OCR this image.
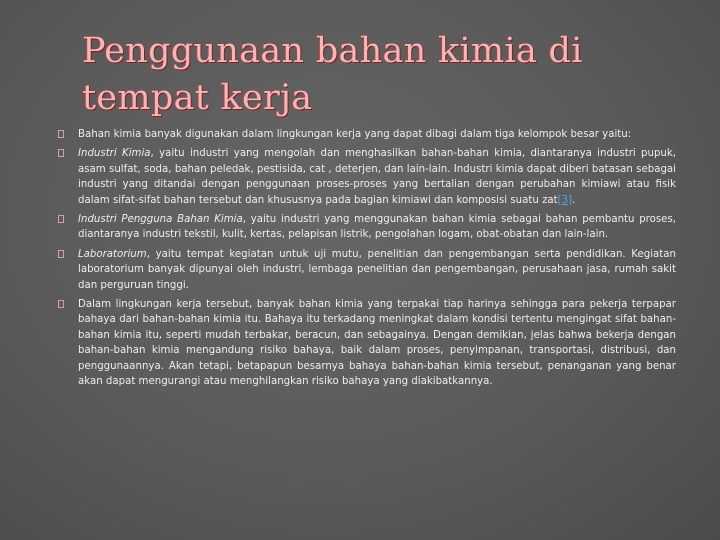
Penggunaan bahan kimia di tempat kerja
Bahan kimia banyak digunakan dalam lingkungan kerja yang dapat dibagi dalam tiga kelompok besar yaitu:
Industri Kimia, yaitu industri yang mengolah dan menghasilkan bahan-bahan kimia, diantaranya industri pupuk, asam sulfat, soda, bahan peledak, pestisida, cat , deterjen, dan lain-lain. Industri kimia dapat diberi batasan sebagai industri yang ditandai dengan penggunaan proses-proses yang bertalian dengan perubahan kimiawi atau fisik dalam sifat-sifat bahan tersebut dan khususnya pada bagian kimiawi dan komposisi suatu zat[3].
Industri Pengguna Bahan Kimia, yaitu industri yang menggunakan bahan kimia sebagai bahan pembantu proses, diantaranya industri tekstil, kulit, kertas, pelapisan listrik, pengolahan logam, obat-obatan dan lain-lain.
Laboratorium, yaitu tempat kegiatan untuk uji mutu, penelitian dan pengembangan serta pendidikan. Kegiatan laboratorium banyak dipunyai oleh industri, lembaga penelitian dan pengembangan, perusahaan jasa, rumah sakit dan perguruan tinggi.
Dalam lingkungan kerja tersebut, banyak bahan kimia yang terpakai tiap harinya sehingga para pekerja terpapar bahaya dari bahan-bahan kimia itu. Bahaya itu terkadang meningkat dalam kondisi tertentu mengingat sifat bahan-bahan kimia itu, seperti mudah terbakar, beracun, dan sebagainya. Dengan demikian, jelas bahwa bekerja dengan bahan-bahan kimia mengandung risiko bahaya, baik dalam proses, penyimpanan, transportasi, distribusi, dan penggunaannya. Akan tetapi, betapapun besarnya bahaya bahan-bahan kimia tersebut, penanganan yang benar akan dapat mengurangi atau menghilangkan risiko bahaya yang diakibatkannya.
